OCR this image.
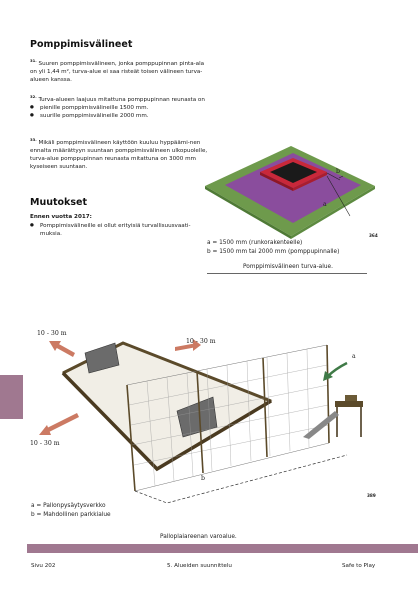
Pomppimisvälineet
$^{31.}$ Suuren pomppimisvälineen, jonka pomppupinnan pinta-ala on yli 1,44 m², turva-alue ei saa risteät toisen välineen turva-alueen kanssa.
$^{32.}$ Turva-alueen laajuus mitattuna pomppupinnan reunasta on
● pienille pomppimisvälineille 1500 mm.
● suurille pomppimisvälineille 2000 mm.
$^{33.}$ Mikäli pomppimisvälineen käyttöön kuuluu hyppäämi-nen ennalta määrättyyn suuntaan pomppimisvälineen ulkopuolelle, turva-alue pomppupinnan reunasta mitattuna on 3000 mm kyseiseen suuntaan.
Muutokset
Ennen vuotta 2017:
● Pomppimisvälineille ei ollut erityisiä turvallisuusvaati-muksia.
b
a
364
a = 1500 mm (runkorakenteelle)
b = 1500 mm tai 2000 mm (pomppupinnalle)
Pomppimisvälineen turva-alue.
10 - 30 m
10 - 30 m
10 - 30 m
a
b
389
a = Pallonpysäytysverkko
b = Mahdollinen parkkialue
Palloplaiareenan varoalue.
Sivu 202	5. Alueiden suunnittelu	Safe to Play
